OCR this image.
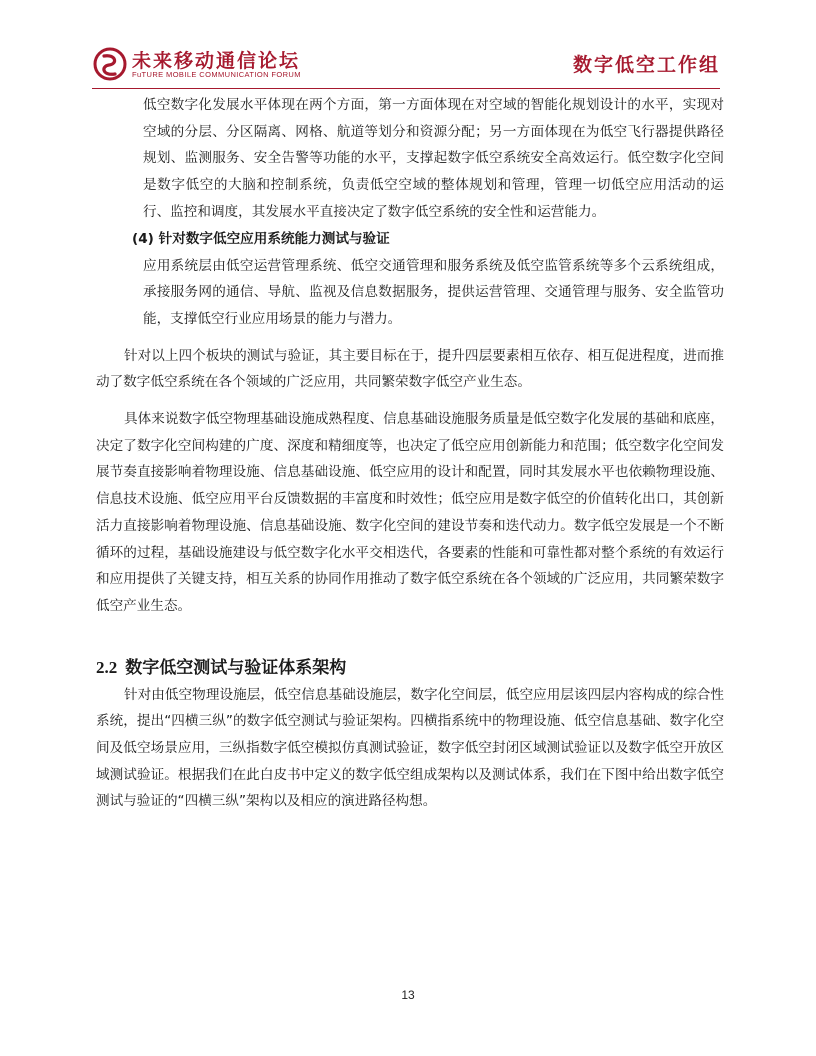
未来移动通信论坛
FuTURE MOBILE COMMUNICATION FORUM	数字低空工作组

低空数字化发展水平体现在两个方面，第一方面体现在对空域的智能化规划设计的水平，实现对空域的分层、分区隔离、网格、航道等划分和资源分配；另一方面体现在为低空飞行器提供路径规划、监测服务、安全告警等功能的水平，支撑起数字低空系统安全高效运行。低空数字化空间是数字低空的大脑和控制系统，负责低空空域的整体规划和管理，管理一切低空应用活动的运行、监控和调度，其发展水平直接决定了数字低空系统的安全性和运营能力。

(4) 针对数字低空应用系统能力测试与验证

应用系统层由低空运营管理系统、低空交通管理和服务系统及低空监管系统等多个云系统组成，承接服务网的通信、导航、监视及信息数据服务，提供运营管理、交通管理与服务、安全监管功能，支撑低空行业应用场景的能力与潜力。

针对以上四个板块的测试与验证，其主要目标在于，提升四层要素相互依存、相互促进程度，进而推动了数字低空系统在各个领域的广泛应用，共同繁荣数字低空产业生态。

具体来说数字低空物理基础设施成熟程度、信息基础设施服务质量是低空数字化发展的基础和底座，决定了数字化空间构建的广度、深度和精细度等，也决定了低空应用创新能力和范围；低空数字化空间发展节奏直接影响着物理设施、信息基础设施、低空应用的设计和配置，同时其发展水平也依赖物理设施、信息技术设施、低空应用平台反馈数据的丰富度和时效性；低空应用是数字低空的价值转化出口，其创新活力直接影响着物理设施、信息基础设施、数字化空间的建设节奏和迭代动力。数字低空发展是一个不断循环的过程，基础设施建设与低空数字化水平交相迭代，各要素的性能和可靠性都对整个系统的有效运行和应用提供了关键支持，相互关系的协同作用推动了数字低空系统在各个领域的广泛应用，共同繁荣数字低空产业生态。

2.2 数字低空测试与验证体系架构

针对由低空物理设施层，低空信息基础设施层，数字化空间层，低空应用层该四层内容构成的综合性系统，提出“四横三纵”的数字低空测试与验证架构。四横指系统中的物理设施、低空信息基础、数字化空间及低空场景应用，三纵指数字低空模拟仿真测试验证，数字低空封闭区域测试验证以及数字低空开放区域测试验证。根据我们在此白皮书中定义的数字低空组成架构以及测试体系，我们在下图中给出数字低空测试与验证的“四横三纵”架构以及相应的演进路径构想。

13
